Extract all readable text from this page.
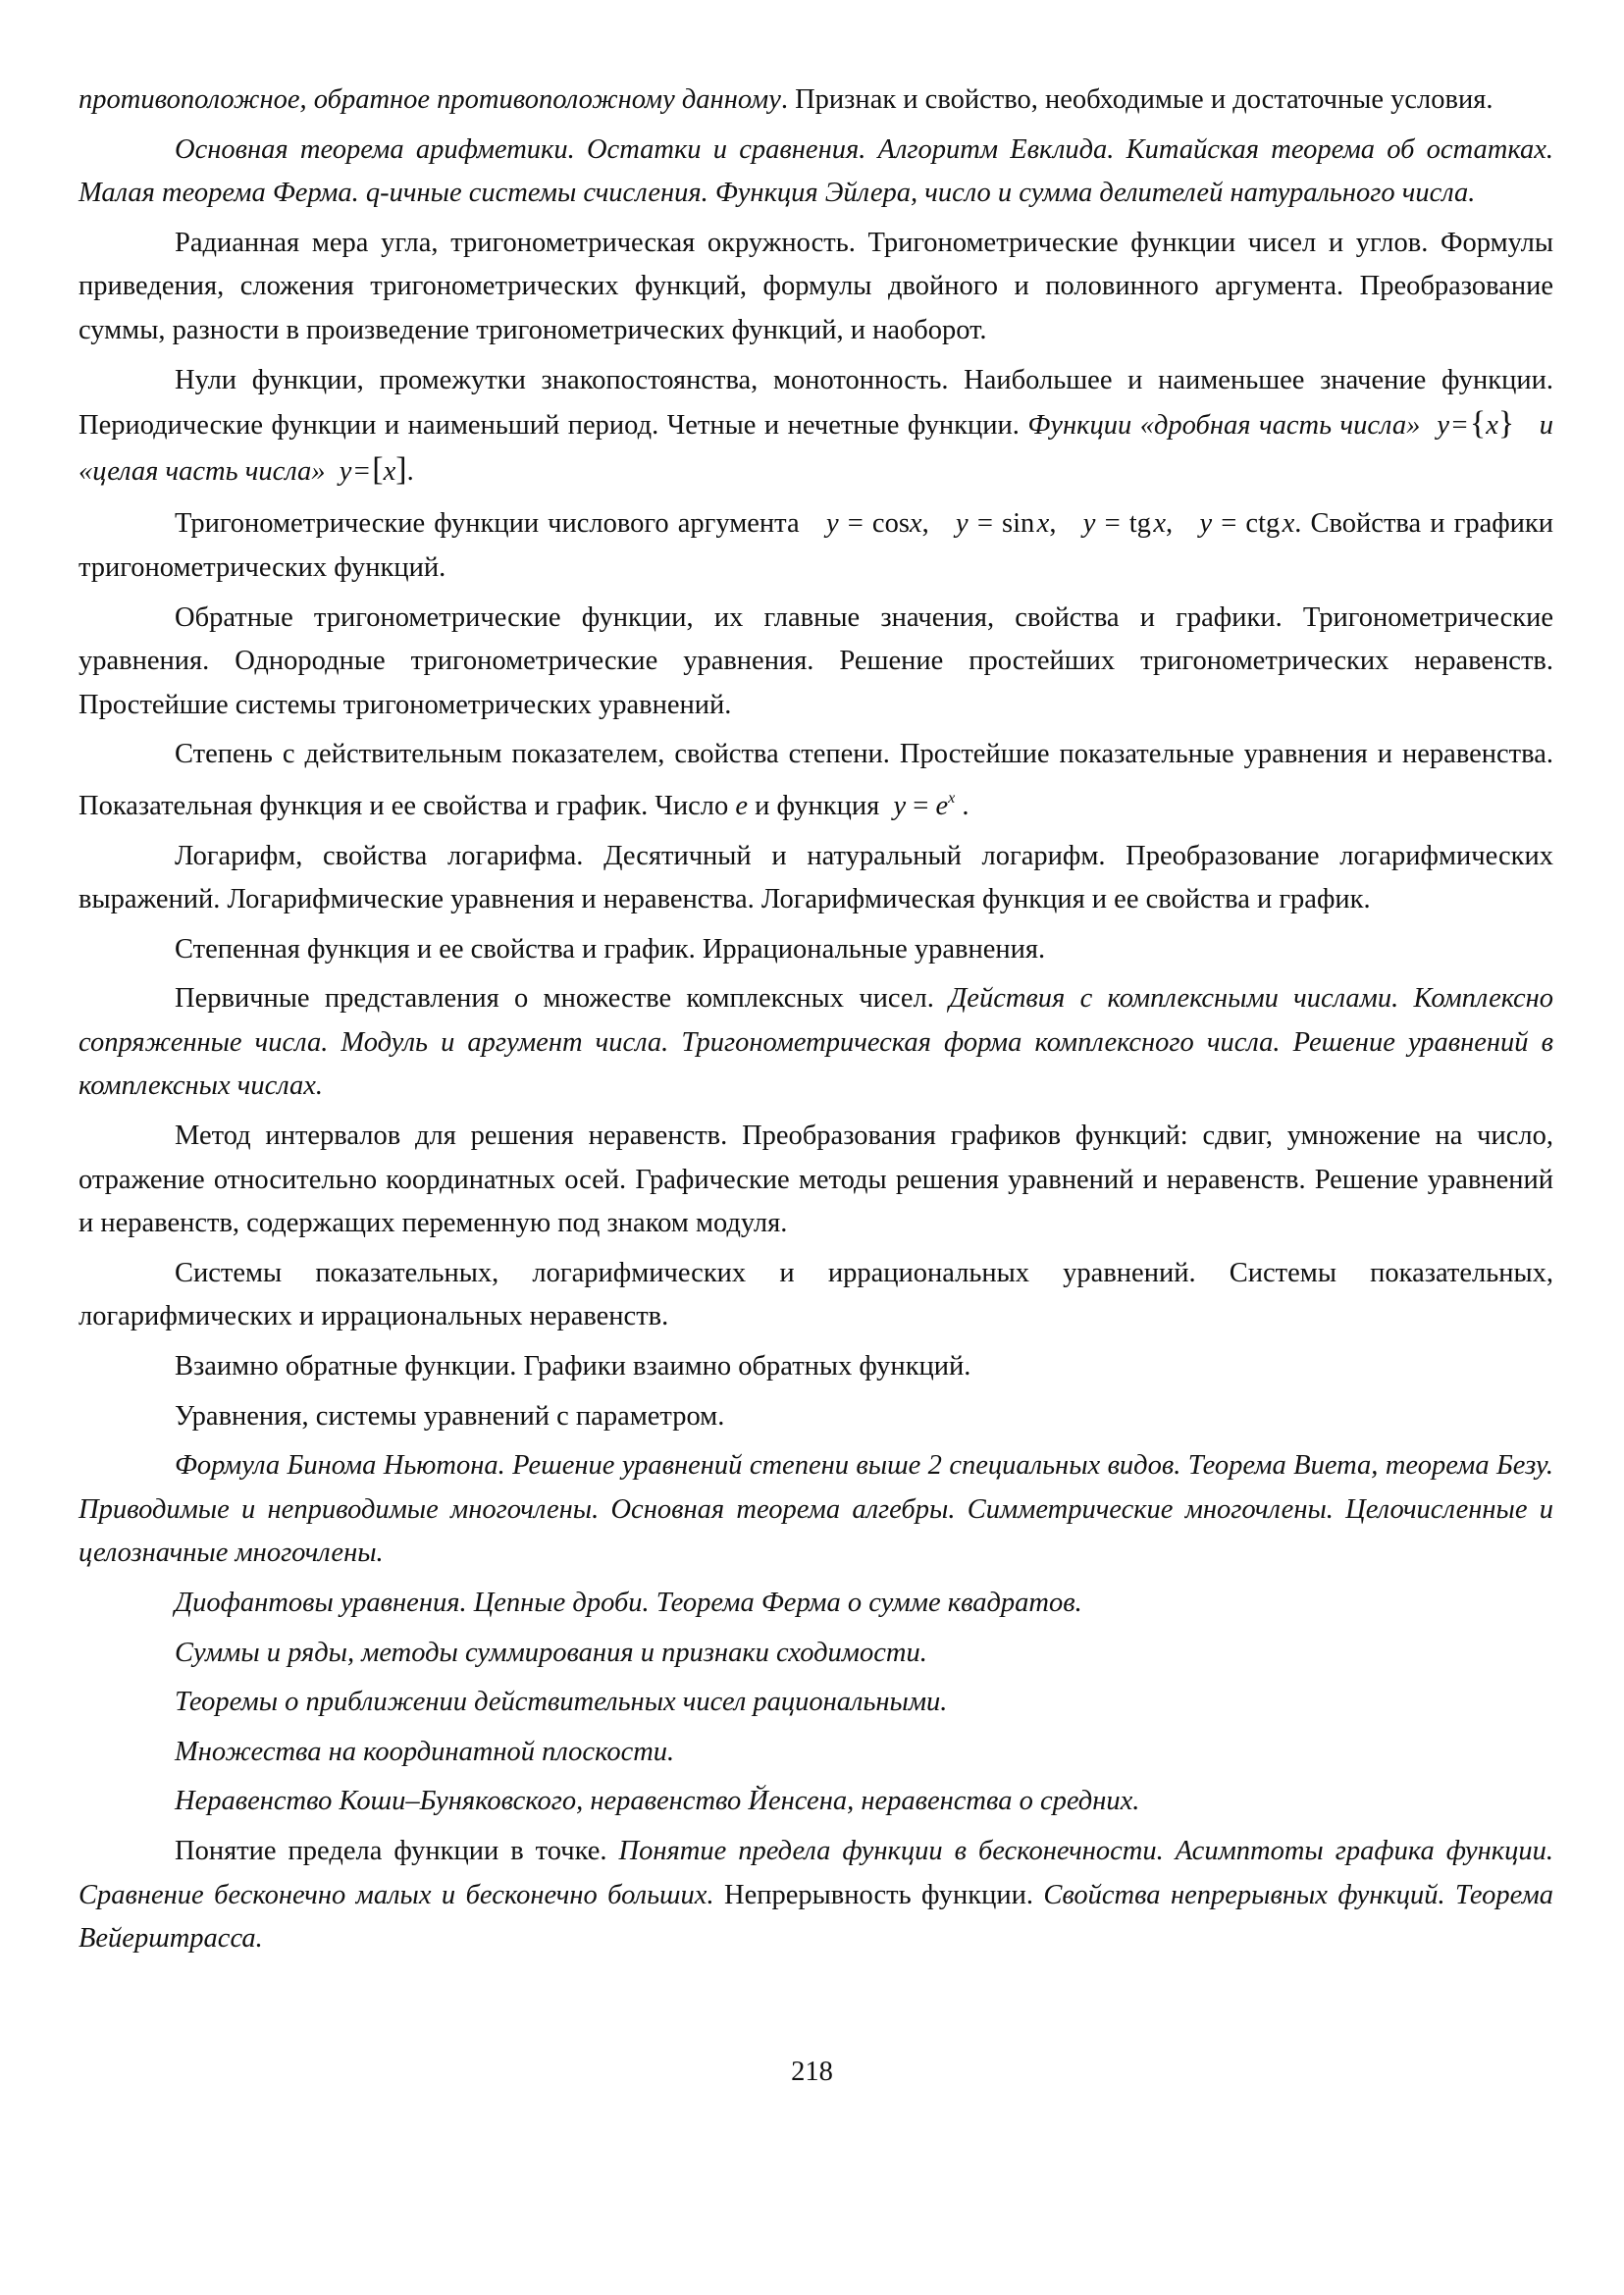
противоположное, обратное противоположному данному. Признак и свойство, необходимые и достаточные условия.

Основная теорема арифметики. Остатки и сравнения. Алгоритм Евклида. Китайская теорема об остатках. Малая теорема Ферма. q-ичные системы счисления. Функция Эйлера, число и сумма делителей натурального числа.

Радианная мера угла, тригонометрическая окружность. Тригонометрические функции чисел и углов. Формулы приведения, сложения тригонометрических функций, формулы двойного и половинного аргумента. Преобразование суммы, разности в произведение тригонометрических функций, и наоборот.

Нули функции, промежутки знакопостоянства, монотонность. Наибольшее и наименьшее значение функции. Периодические функции и наименьший период. Четные и нечетные функции. Функции «дробная часть числа» y = {x} и «целая часть числа» y = [x].

Тригонометрические функции числового аргумента y = cosx, y = sin x, y = tg x, y = ctg x. Свойства и графики тригонометрических функций.

Обратные тригонометрические функции, их главные значения, свойства и графики. Тригонометрические уравнения. Однородные тригонометрические уравнения. Решение простейших тригонометрических неравенств. Простейшие системы тригонометрических уравнений.

Степень с действительным показателем, свойства степени. Простейшие показательные уравнения и неравенства. Показательная функция и ее свойства и график. Число e и функция $y = e^x$ .

Логарифм, свойства логарифма. Десятичный и натуральный логарифм. Преобразование логарифмических выражений. Логарифмические уравнения и неравенства. Логарифмическая функция и ее свойства и график.

Степенная функция и ее свойства и график. Иррациональные уравнения.

Первичные представления о множестве комплексных чисел. Действия с комплексными числами. Комплексно сопряженные числа. Модуль и аргумент числа. Тригонометрическая форма комплексного числа. Решение уравнений в комплексных числах.

Метод интервалов для решения неравенств. Преобразования графиков функций: сдвиг, умножение на число, отражение относительно координатных осей. Графические методы решения уравнений и неравенств. Решение уравнений и неравенств, содержащих переменную под знаком модуля.

Системы показательных, логарифмических и иррациональных уравнений. Системы показательных, логарифмических и иррациональных неравенств.

Взаимно обратные функции. Графики взаимно обратных функций.

Уравнения, системы уравнений с параметром.

Формула Бинома Ньютона. Решение уравнений степени выше 2 специальных видов. Теорема Виета, теорема Безу. Приводимые и неприводимые многочлены. Основная теорема алгебры. Симметрические многочлены. Целочисленные и целозначные многочлены.

Диофантовы уравнения. Цепные дроби. Теорема Ферма о сумме квадратов.

Суммы и ряды, методы суммирования и признаки сходимости.

Теоремы о приближении действительных чисел рациональными.

Множества на координатной плоскости.

Неравенство Коши–Буняковского, неравенство Йенсена, неравенства о средних.

Понятие предела функции в точке. Понятие предела функции в бесконечности. Асимптоты графика функции. Сравнение бесконечно малых и бесконечно больших. Непрерывность функции. Свойства непрерывных функций. Теорема Вейерштрасса.

218
